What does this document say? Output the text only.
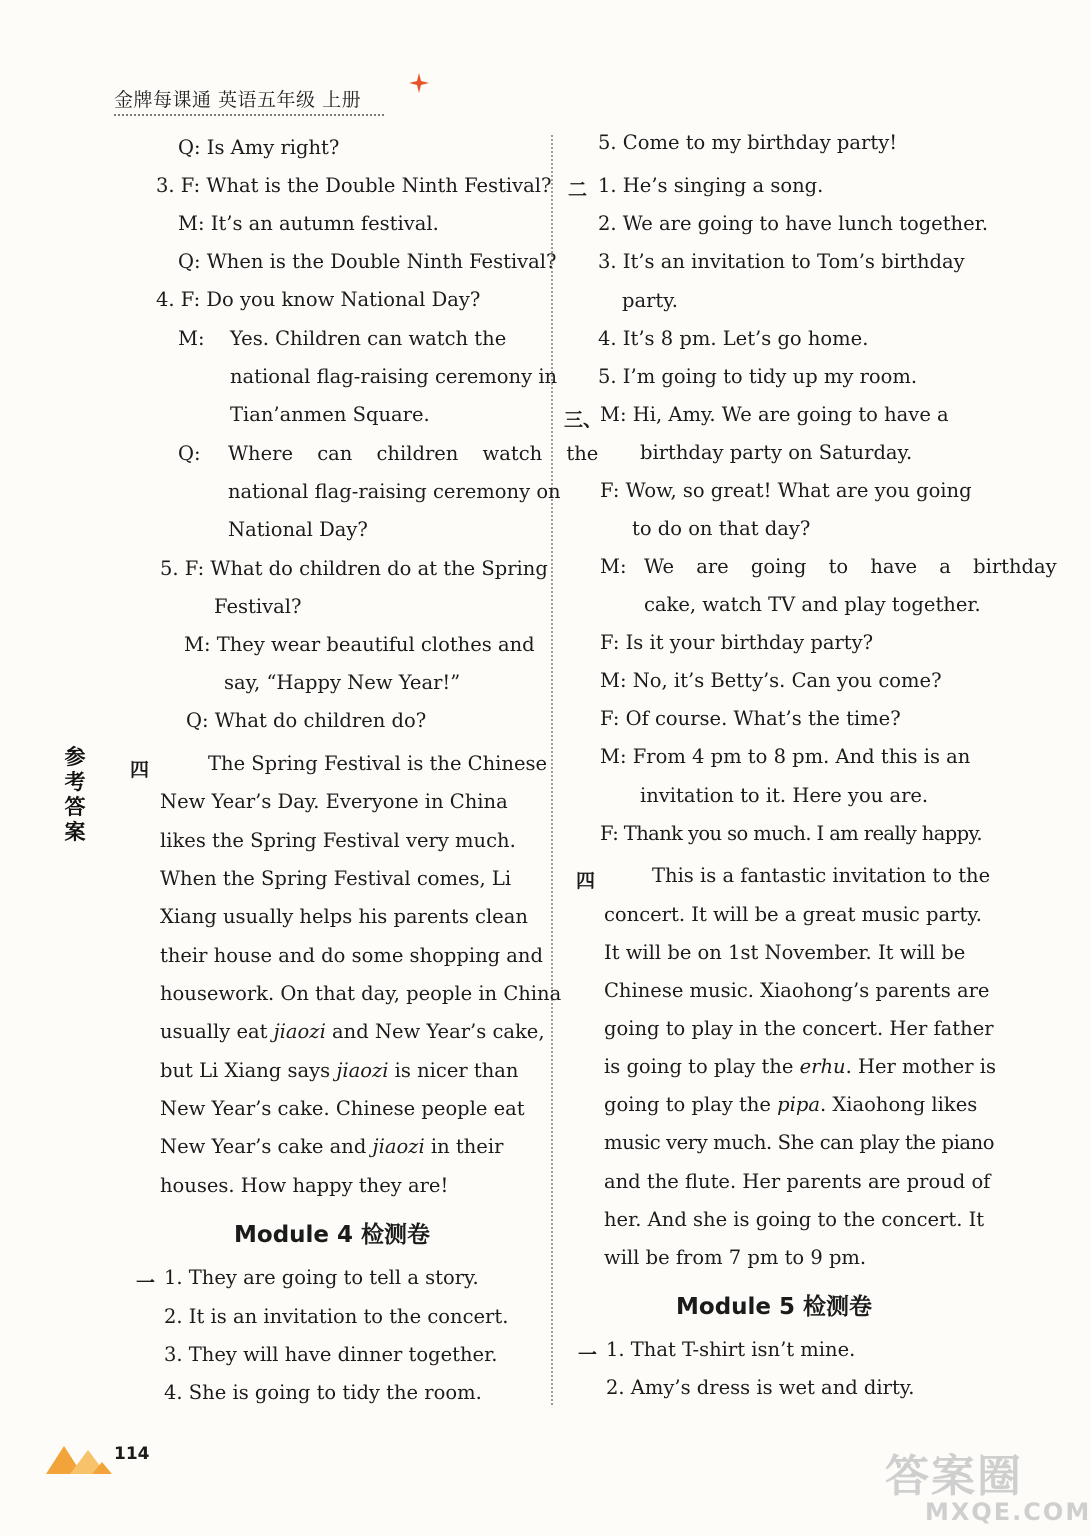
金牌每课通 英语五年级 上册
参
考
答
案
Q: Is Amy right?
3. F: What is the Double Ninth Festival?
M: It’s an autumn festival.
Q: When is the Double Ninth Festival?
4. F: Do you know National Day?
M: Yes. Children can watch the
national flag-raising ceremony in
Tian’anmen Square.
Q: Where can children watch the
national flag-raising ceremony on
National Day?
5. F: What do children do at the Spring
Festival?
M: They wear beautiful clothes and
say, “Happy New Year!”
Q: What do children do?
四	The Spring Festival is the Chinese
New Year’s Day. Everyone in China
likes the Spring Festival very much.
When the Spring Festival comes, Li
Xiang usually helps his parents clean
their house and do some shopping and
housework. On that day, people in China
usually eat jiaozi and New Year’s cake,
but Li Xiang says jiaozi is nicer than
New Year’s cake. Chinese people eat
New Year’s cake and jiaozi in their
houses. How happy they are!
Module 4 检测卷
一 1. They are going to tell a story.
2. It is an invitation to the concert.
3. They will have dinner together.
4. She is going to tidy the room.
5. Come to my birthday party!
二 1. He’s singing a song.
2. We are going to have lunch together.
3. It’s an invitation to Tom’s birthday
party.
4. It’s 8 pm. Let’s go home.
5. I’m going to tidy up my room.
三、
M: Hi, Amy. We are going to have a
birthday party on Saturday.
F: Wow, so great! What are you going
to do on that day?
M: We are going to have a birthday
cake, watch TV and play together.
F: Is it your birthday party?
M: No, it’s Betty’s. Can you come?
F: Of course. What’s the time?
M: From 4 pm to 8 pm. And this is an
invitation to it. Here you are.
F: Thank you so much. I am really happy.
四	This is a fantastic invitation to the
concert. It will be a great music party.
It will be on 1st November. It will be
Chinese music. Xiaohong’s parents are
going to play in the concert. Her father
is going to play the erhu. Her mother is
going to play the pipa. Xiaohong likes
music very much. She can play the piano
and the flute. Her parents are proud of
her. And she is going to the concert. It
will be from 7 pm to 9 pm.
Module 5 检测卷
一 1. That T-shirt isn’t mine.
2. Amy’s dress is wet and dirty.
114	答案圈
MXQE.COM
